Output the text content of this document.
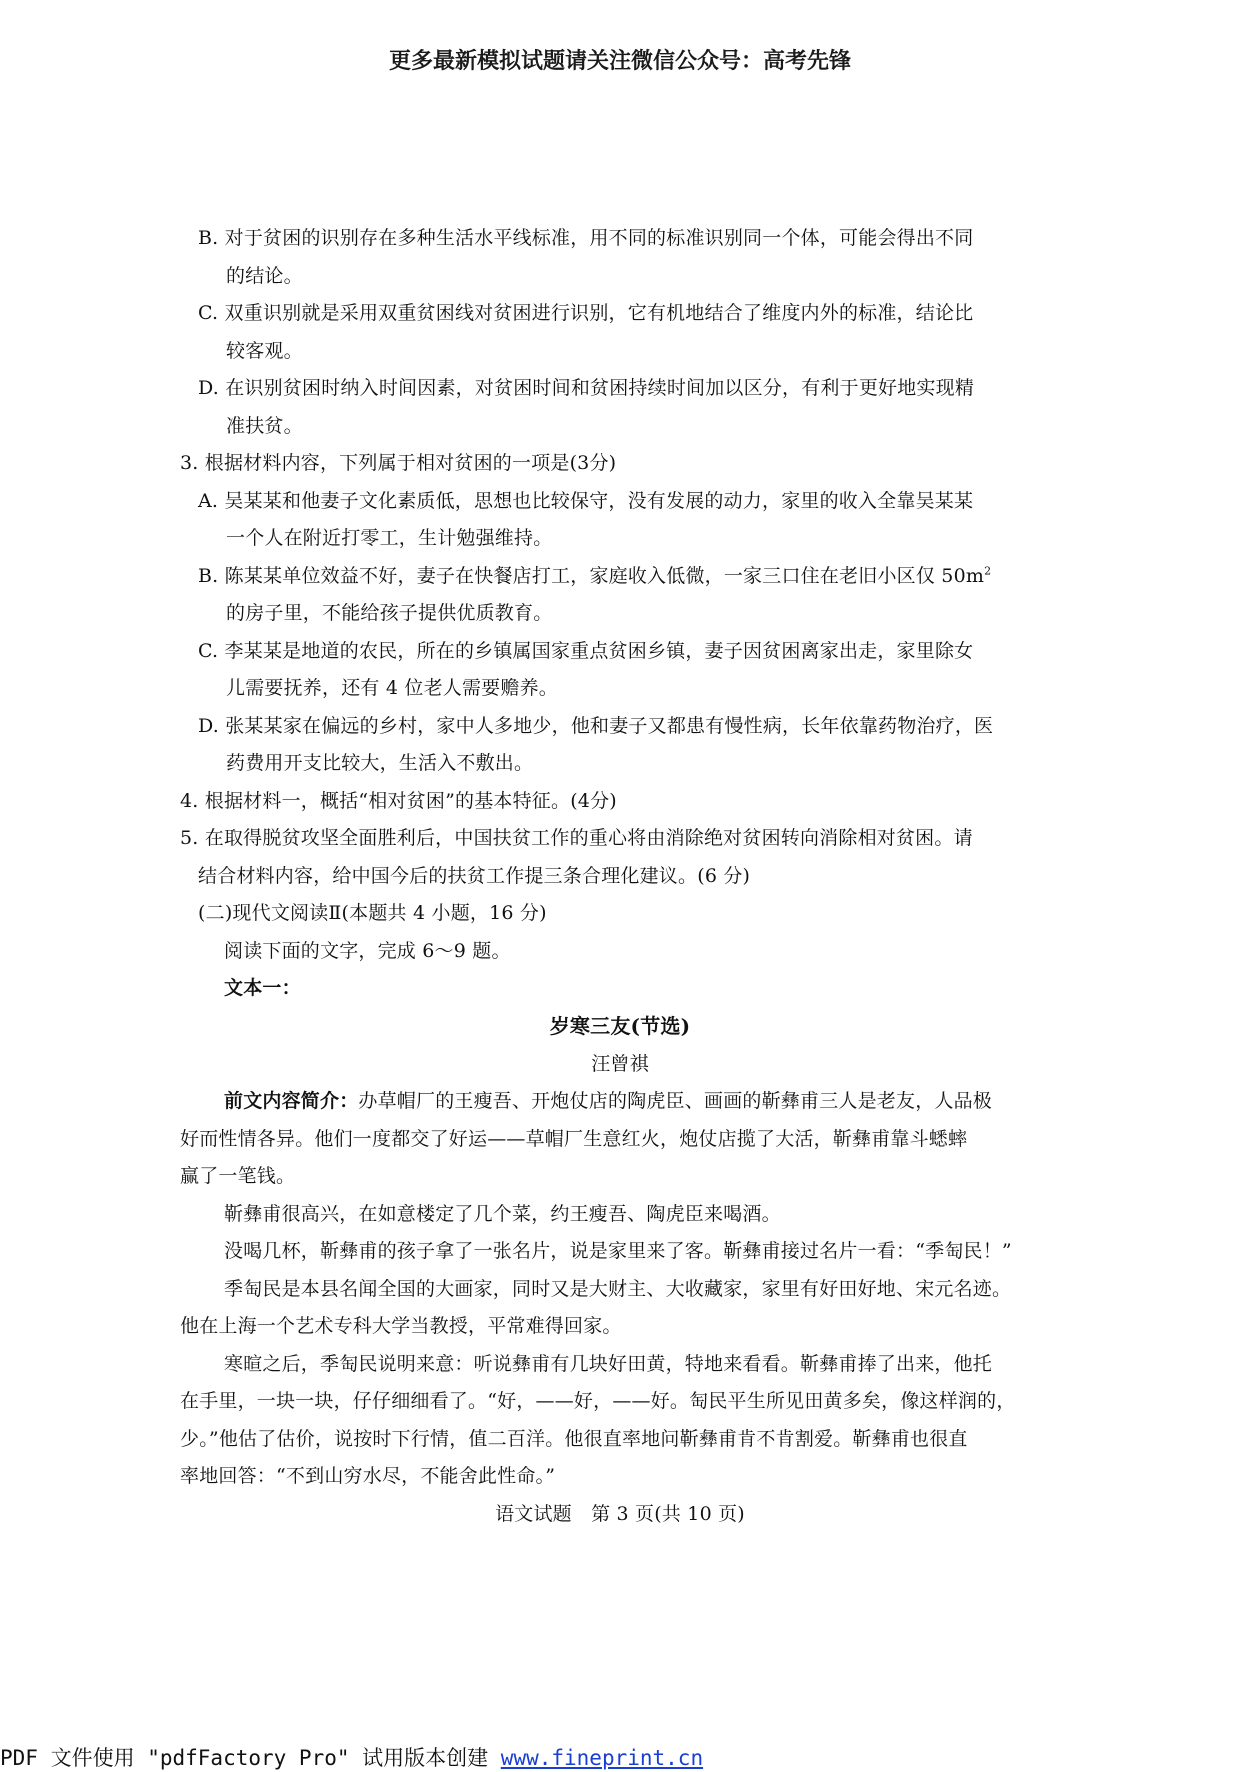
更多最新模拟试题请关注微信公众号：高考先锋
B. 对于贫困的识别存在多种生活水平线标准，用不同的标准识别同一个体，可能会得出不同
的结论。
C. 双重识别就是采用双重贫困线对贫困进行识别，它有机地结合了维度内外的标准，结论比
较客观。
D. 在识别贫困时纳入时间因素，对贫困时间和贫困持续时间加以区分，有利于更好地实现精
准扶贫。
3. 根据材料内容，下列属于相对贫困的一项是(3分)
A. 吴某某和他妻子文化素质低，思想也比较保守，没有发展的动力，家里的收入全靠吴某某
一个人在附近打零工，生计勉强维持。
B. 陈某某单位效益不好，妻子在快餐店打工，家庭收入低微，一家三口住在老旧小区仅 $50m^2$
的房子里，不能给孩子提供优质教育。
C. 李某某是地道的农民，所在的乡镇属国家重点贫困乡镇，妻子因贫困离家出走，家里除女
儿需要抚养，还有 4 位老人需要赡养。
D. 张某某家在偏远的乡村，家中人多地少，他和妻子又都患有慢性病，长年依靠药物治疗，医
药费用开支比较大，生活入不敷出。
4. 根据材料一，概括“相对贫困”的基本特征。(4分)
5. 在取得脱贫攻坚全面胜利后，中国扶贫工作的重心将由消除绝对贫困转向消除相对贫困。请
结合材料内容，给中国今后的扶贫工作提三条合理化建议。(6 分)
(二)现代文阅读Ⅱ(本题共 4 小题，16 分)
阅读下面的文字，完成 6～9 题。
文本一：
岁寒三友(节选)
汪曾祺
前文内容简介：办草帽厂的王瘦吾、开炮仗店的陶虎臣、画画的靳彝甫三人是老友，人品极
好而性情各异。他们一度都交了好运——草帽厂生意红火，炮仗店揽了大活，靳彝甫靠斗蟋蟀
赢了一笔钱。
靳彝甫很高兴，在如意楼定了几个菜，约王瘦吾、陶虎臣来喝酒。
没喝几杯，靳彝甫的孩子拿了一张名片，说是家里来了客。靳彝甫接过名片一看：“季匋民！”
季匋民是本县名闻全国的大画家，同时又是大财主、大收藏家，家里有好田好地、宋元名迹。
他在上海一个艺术专科大学当教授，平常难得回家。
寒暄之后，季匋民说明来意：听说彝甫有几块好田黄，特地来看看。靳彝甫捧了出来，他托
在手里，一块一块，仔仔细细看了。“好，——好，——好。匋民平生所见田黄多矣，像这样润的，
少。”他估了估价，说按时下行情，值二百洋。他很直率地问靳彝甫肯不肯割爱。靳彝甫也很直
率地回答：“不到山穷水尽，不能舍此性命。”
语文试题　第 3 页(共 10 页)
PDF 文件使用 "pdfFactory Pro" 试用版本创建 www.fineprint.cn
